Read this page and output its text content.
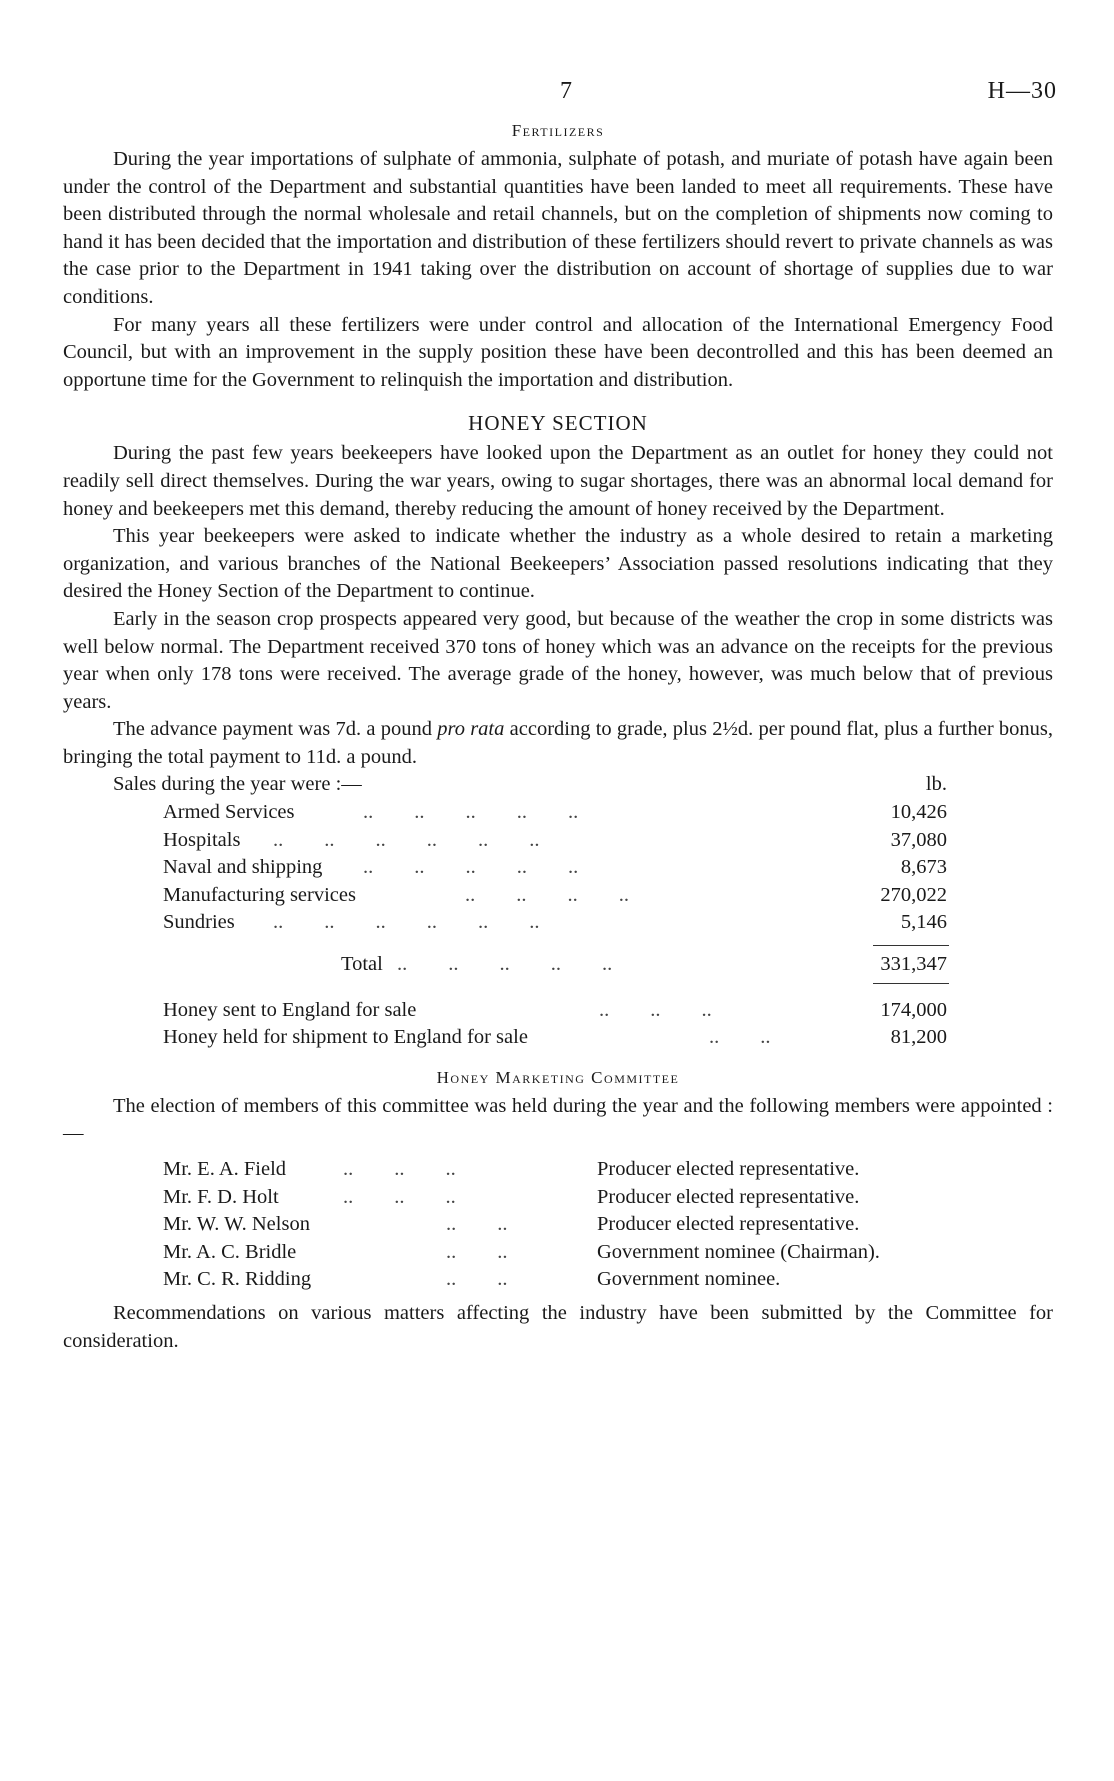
7	H—30
Fertilizers

During the year importations of sulphate of ammonia, sulphate of potash, and muriate of potash have again been under the control of the Department and substantial quantities have been landed to meet all requirements. These have been distributed through the normal wholesale and retail channels, but on the completion of shipments now coming to hand it has been decided that the importation and distribution of these fertilizers should revert to private channels as was the case prior to the Department in 1941 taking over the distribution on account of shortage of supplies due to war conditions.

For many years all these fertilizers were under control and allocation of the International Emergency Food Council, but with an improvement in the supply position these have been decontrolled and this has been deemed an opportune time for the Government to relinquish the importation and distribution.

HONEY SECTION

During the past few years beekeepers have looked upon the Department as an outlet for honey they could not readily sell direct themselves. During the war years, owing to sugar shortages, there was an abnormal local demand for honey and beekeepers met this demand, thereby reducing the amount of honey received by the Department.

This year beekeepers were asked to indicate whether the industry as a whole desired to retain a marketing organization, and various branches of the National Beekeepers’ Association passed resolutions indicating that they desired the Honey Section of the Department to continue.

Early in the season crop prospects appeared very good, but because of the weather the crop in some districts was well below normal. The Department received 370 tons of honey which was an advance on the receipts for the previous year when only 178 tons were received. The average grade of the honey, however, was much below that of previous years.

The advance payment was 7d. a pound pro rata according to grade, plus 2½d. per pound flat, plus a further bonus, bringing the total payment to 11d. a pound.

Sales during the year were :—	lb.
Armed Services	..        ..        ..        ..        ..	10,426
Hospitals ..        ..        ..        ..        ..        ..	37,080
Naval and shipping ..        ..        ..        ..        ..	8,673
Manufacturing services	..        ..        ..        ..	270,022
Sundries ..        ..        ..        ..        ..        ..	5,146
Total ..        ..        ..        ..        ..	331,347
Honey sent to England for sale	..        ..        ..	174,000
Honey held for shipment to England for sale	..        ..	81,200
Honey Marketing Committee

The election of members of this committee was held during the year and the following members were appointed :—

Mr. E. A. Field	..        ..        ..	Producer elected representative.
Mr. F. D. Holt	..        ..        ..	Producer elected representative.
Mr. W. W. Nelson	..        ..	Producer elected representative.
Mr. A. C. Bridle	..        ..	Government nominee (Chairman).
Mr. C. R. Ridding	..        ..	Government nominee.

Recommendations on various matters affecting the industry have been submitted by the Committee for consideration.
